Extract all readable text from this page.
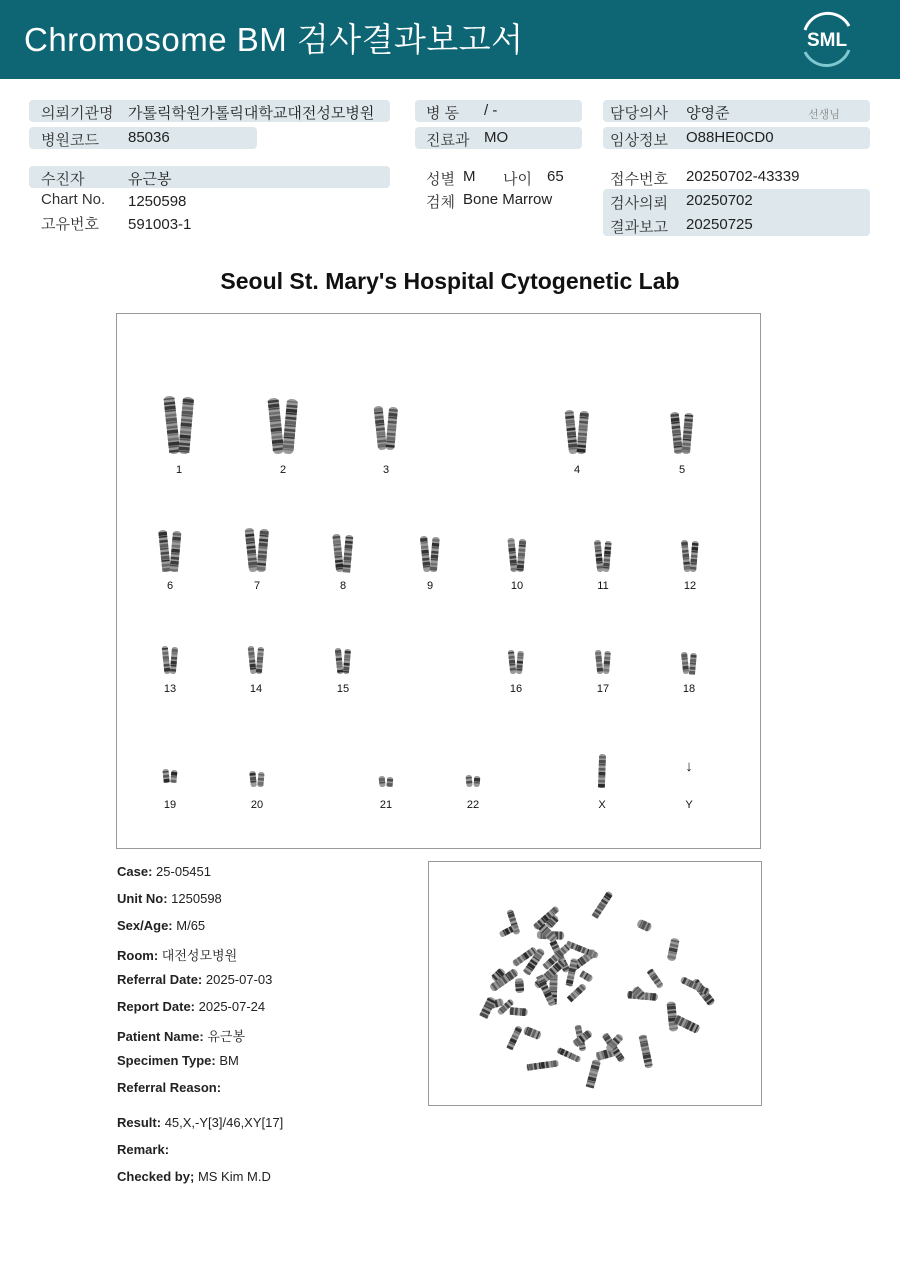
Chromosome BM 검사결과보고서	SML
의뢰기관명 가톨릭학원가톨릭대학교대전성모병원	병 동 / -	담당의사 양영준	선생님
병원코드 85036	진료과 MO	임상정보 O88HE0CD0
수진자	유근봉	성별 M 나이 65	접수번호 20250702-43339
Chart No. 1250598	검체 Bone Marrow	검사의뢰 20250702
고유번호 591003-1	결과보고 20250725
Seoul St. Mary's Hospital Cytogenetic Lab
1	2	3	4	5
6	7	8	9	10	11	12
13	14	15	16	17	18
19	20	21	22	X	Y
↓
Case: 25-05451
Unit No: 1250598
Sex/Age: M/65
Room: 대전성모병원
Referral Date: 2025-07-03
Report Date: 2025-07-24
Patient Name: 유근봉
Specimen Type: BM
Referral Reason:
Result: 45,X,-Y[3]/46,XY[17]
Remark:
Checked by; MS Kim M.D
